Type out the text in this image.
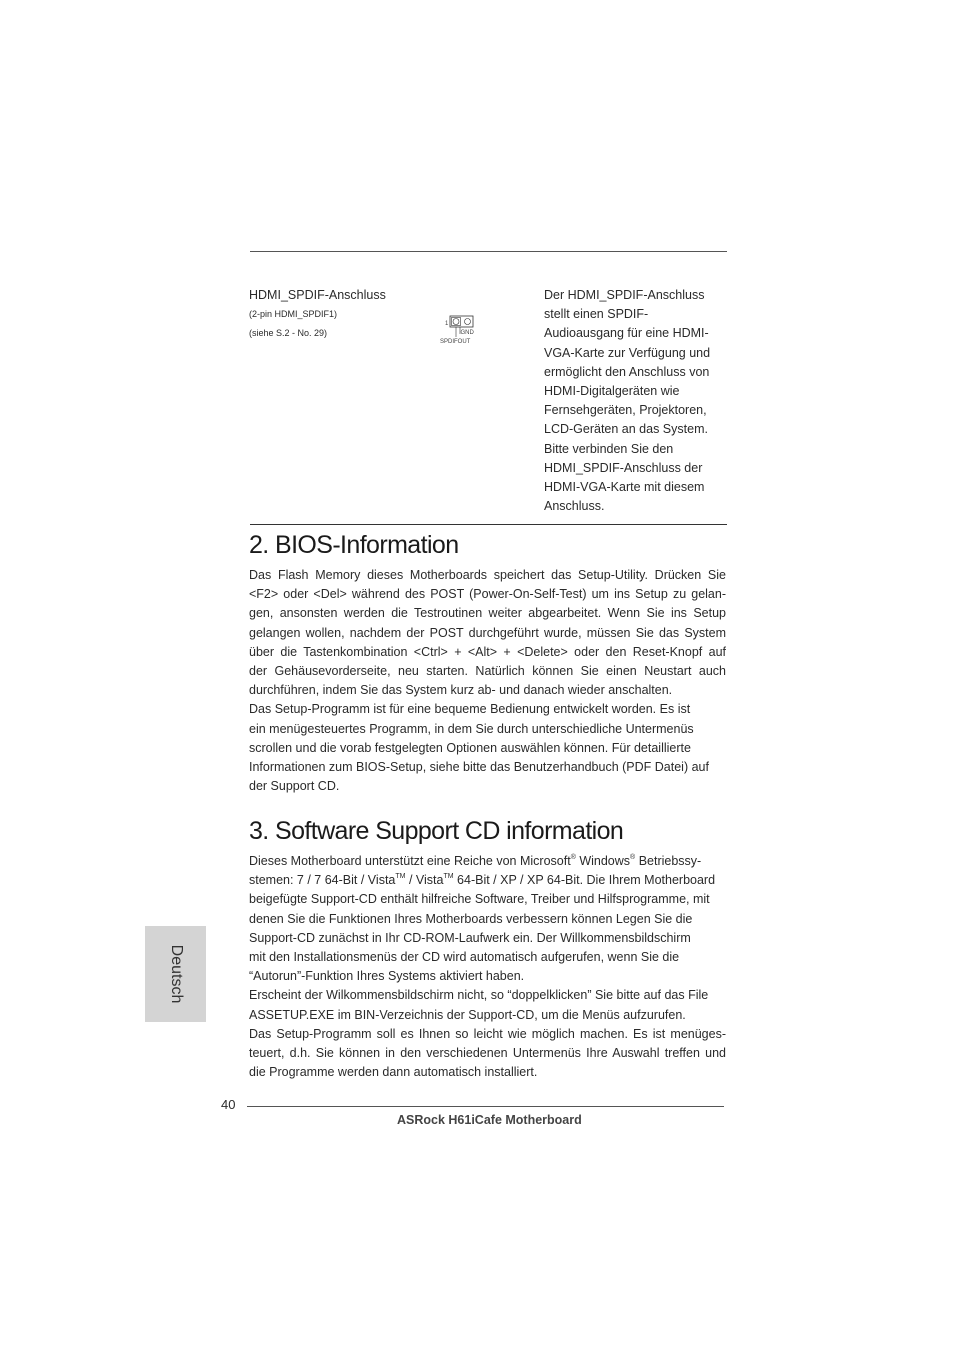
HDMI_SPDIF-Anschluss
(2-pin HDMI_SPDIF1)
(siehe S.2 - No. 29)
1
GND
SPDIFOUT
Der HDMI_SPDIF-Anschluss
stellt einen SPDIF-
Audioausgang für eine HDMI-
VGA-Karte zur Verfügung und
ermöglicht den Anschluss von
HDMI-Digitalgeräten wie
Fernsehgeräten, Projektoren,
LCD-Geräten an das System.
Bitte verbinden Sie den
HDMI_SPDIF-Anschluss der
HDMI-VGA-Karte mit diesem
Anschluss.
2. BIOS-Information
Das Flash Memory dieses Motherboards speichert das Setup-Utility. Drücken Sie
<F2> oder <Del> während des POST (Power-On-Self-Test) um ins Setup zu gelan-
gen, ansonsten werden die Testroutinen weiter abgearbeitet. Wenn Sie ins Setup
gelangen wollen, nachdem der POST durchgeführt wurde, müssen Sie das System
über die Tastenkombination <Ctrl> + <Alt> + <Delete> oder den Reset-Knopf auf
der Gehäusevorderseite, neu starten. Natürlich können Sie einen Neustart auch
durchführen, indem Sie das System kurz ab- und danach wieder anschalten.
Das Setup-Programm ist für eine bequeme Bedienung entwickelt worden. Es ist
ein menügesteuertes Programm, in dem Sie durch unterschiedliche Untermenüs
scrollen und die vorab festgelegten Optionen auswählen können. Für detaillierte
Informationen zum BIOS-Setup, siehe bitte das Benutzerhandbuch (PDF Datei) auf
der Support CD.
3. Software Support CD information
Dieses Motherboard unterstützt eine Reiche von Microsoft® Windows® Betriebssy-
stemen: 7 / 7 64-Bit / Vista™ / Vista™ 64-Bit / XP / XP 64-Bit. Die Ihrem Motherboard
beigefügte Support-CD enthält hilfreiche Software, Treiber und Hilfsprogramme, mit
denen Sie die Funktionen Ihres Motherboards verbessern können Legen Sie die
Support-CD zunächst in Ihr CD-ROM-Laufwerk ein. Der Willkommensbildschirm
mit den Installationsmenüs der CD wird automatisch aufgerufen, wenn Sie die
“Autorun”-Funktion Ihres Systems aktiviert haben.
Erscheint der Wilkommensbildschirm nicht, so “doppelklicken” Sie bitte auf das File
ASSETUP.EXE im BIN-Verzeichnis der Support-CD, um die Menüs aufzurufen.
Das Setup-Programm soll es Ihnen so leicht wie möglich machen. Es ist menüges-
teuert, d.h. Sie können in den verschiedenen Untermenüs Ihre Auswahl treffen und
die Programme werden dann automatisch installiert.
Deutsch
40
ASRock H61iCafe Motherboard
